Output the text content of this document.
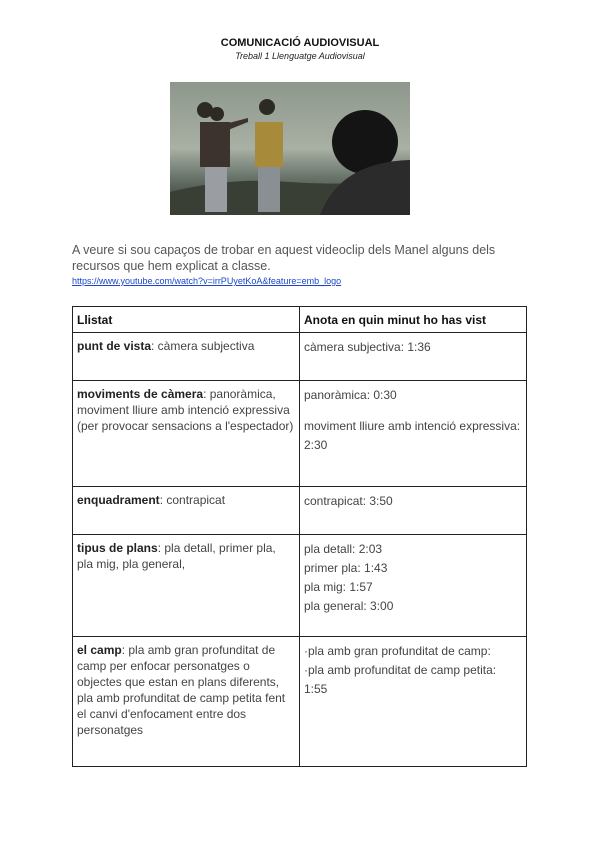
COMUNICACIÓ AUDIOVISUAL
Treball 1 Llenguatge Audiovisual
A veure si sou capaços de trobar en aquest videoclip dels Manel alguns dels recursos que hem explicat a classe.
https://www.youtube.com/watch?v=irrPUyetKoA&feature=emb_logo
Llistat	Anota en quin minut ho has vist
punt de vista: càmera subjectiva	càmera subjectiva: 1:36

moviments de càmera: panoràmica, moviment lliure amb intenció expressiva (per provocar sensacions a l'espectador)	panoràmica: 0:30

moviment lliure amb intenció expressiva: 2:30

enquadrament: contrapicat	contrapicat: 3:50

tipus de plans: pla detall, primer pla, pla mig, pla general,	pla detall: 2:03

primer pla: 1:43

pla mig: 1:57

pla general: 3:00

el camp: pla amb gran profunditat de camp per enfocar personatges o objectes que estan en plans diferents, pla amb profunditat de camp petita fent el canvi d'enfocament entre dos personatges	·pla amb gran profunditat de camp:

·pla amb profunditat de camp petita: 1:55
